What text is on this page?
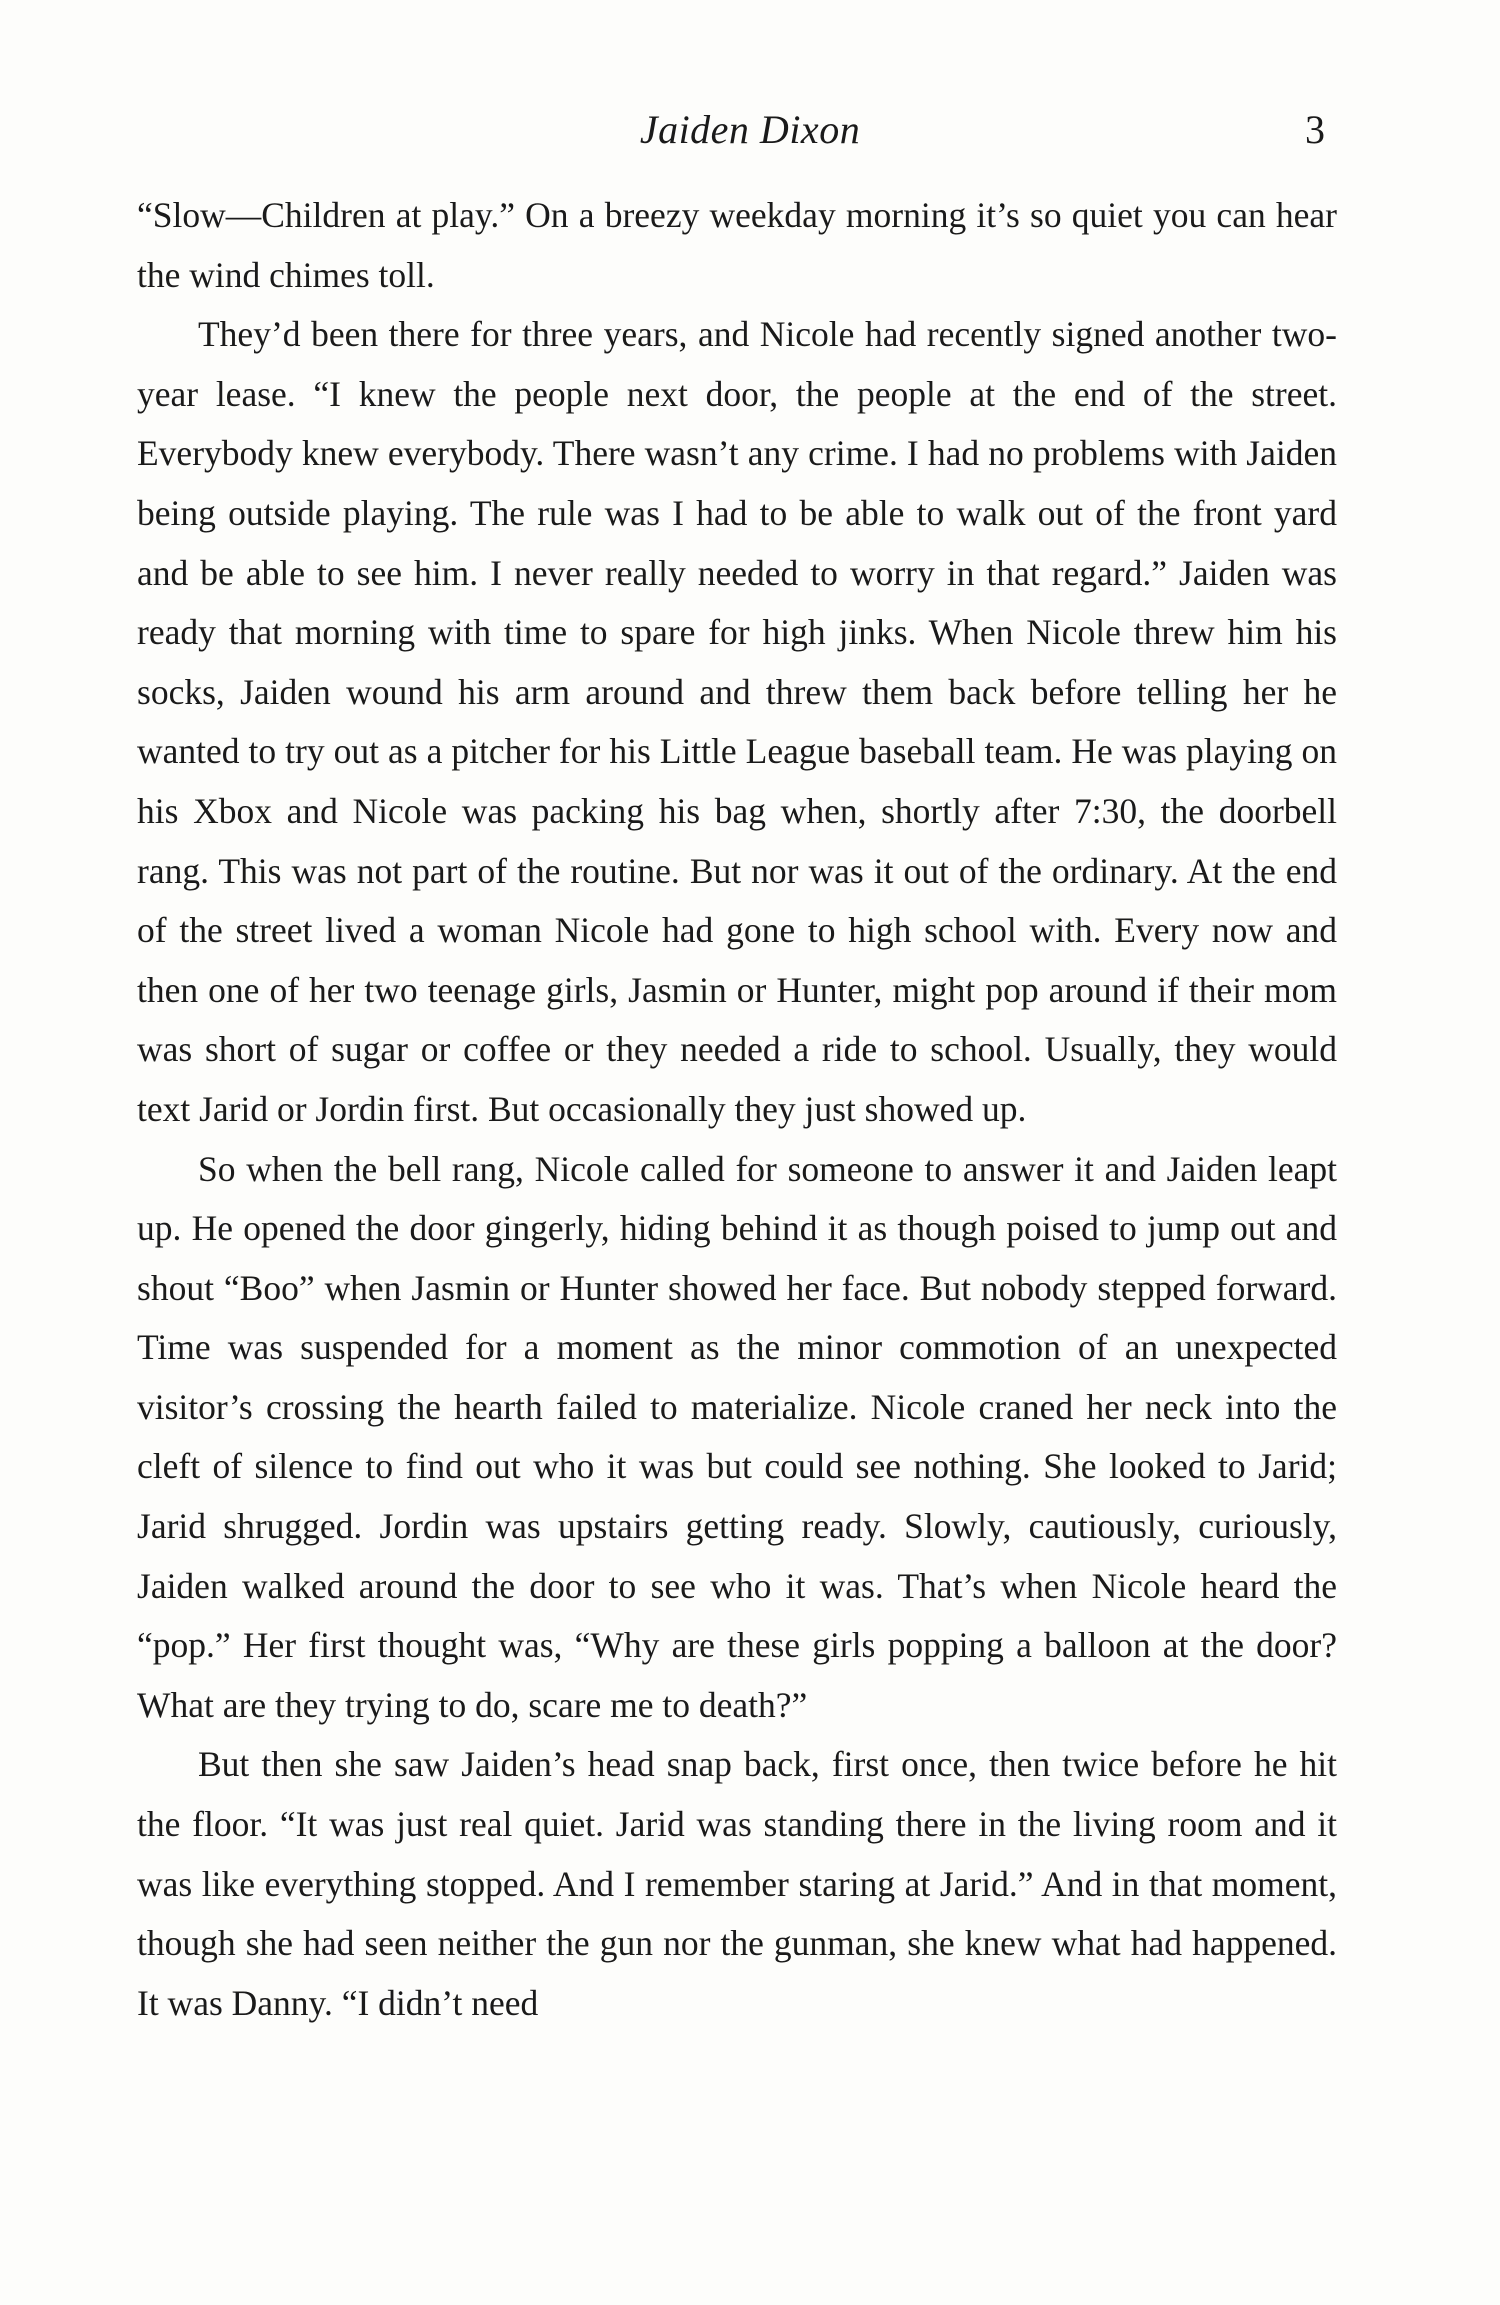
Jaiden Dixon	3

“Slow—Children at play.” On a breezy weekday morning it’s so quiet you can hear the wind chimes toll.

They’d been there for three years, and Nicole had recently signed another two-year lease. “I knew the people next door, the people at the end of the street. Everybody knew everybody. There wasn’t any crime. I had no problems with Jaiden being outside playing. The rule was I had to be able to walk out of the front yard and be able to see him. I never really needed to worry in that regard.” Jaiden was ready that morning with time to spare for high jinks. When Nicole threw him his socks, Jaiden wound his arm around and threw them back before telling her he wanted to try out as a pitcher for his Little League baseball team. He was playing on his Xbox and Nicole was packing his bag when, shortly after 7:30, the doorbell rang. This was not part of the routine. But nor was it out of the ordinary. At the end of the street lived a woman Nicole had gone to high school with. Every now and then one of her two teenage girls, Jasmin or Hunter, might pop around if their mom was short of sugar or coffee or they needed a ride to school. Usually, they would text Jarid or Jordin first. But occasionally they just showed up.

So when the bell rang, Nicole called for someone to answer it and Jaiden leapt up. He opened the door gingerly, hiding behind it as though poised to jump out and shout “Boo” when Jasmin or Hunter showed her face. But nobody stepped forward. Time was suspended for a moment as the minor commotion of an unexpected visitor’s crossing the hearth failed to materialize. Nicole craned her neck into the cleft of silence to find out who it was but could see nothing. She looked to Jarid; Jarid shrugged. Jordin was upstairs getting ready. Slowly, cautiously, curiously, Jaiden walked around the door to see who it was. That’s when Nicole heard the “pop.” Her first thought was, “Why are these girls popping a balloon at the door? What are they trying to do, scare me to death?”

But then she saw Jaiden’s head snap back, first once, then twice before he hit the floor. “It was just real quiet. Jarid was standing there in the living room and it was like everything stopped. And I remember staring at Jarid.” And in that moment, though she had seen neither the gun nor the gunman, she knew what had happened. It was Danny. “I didn’t need
